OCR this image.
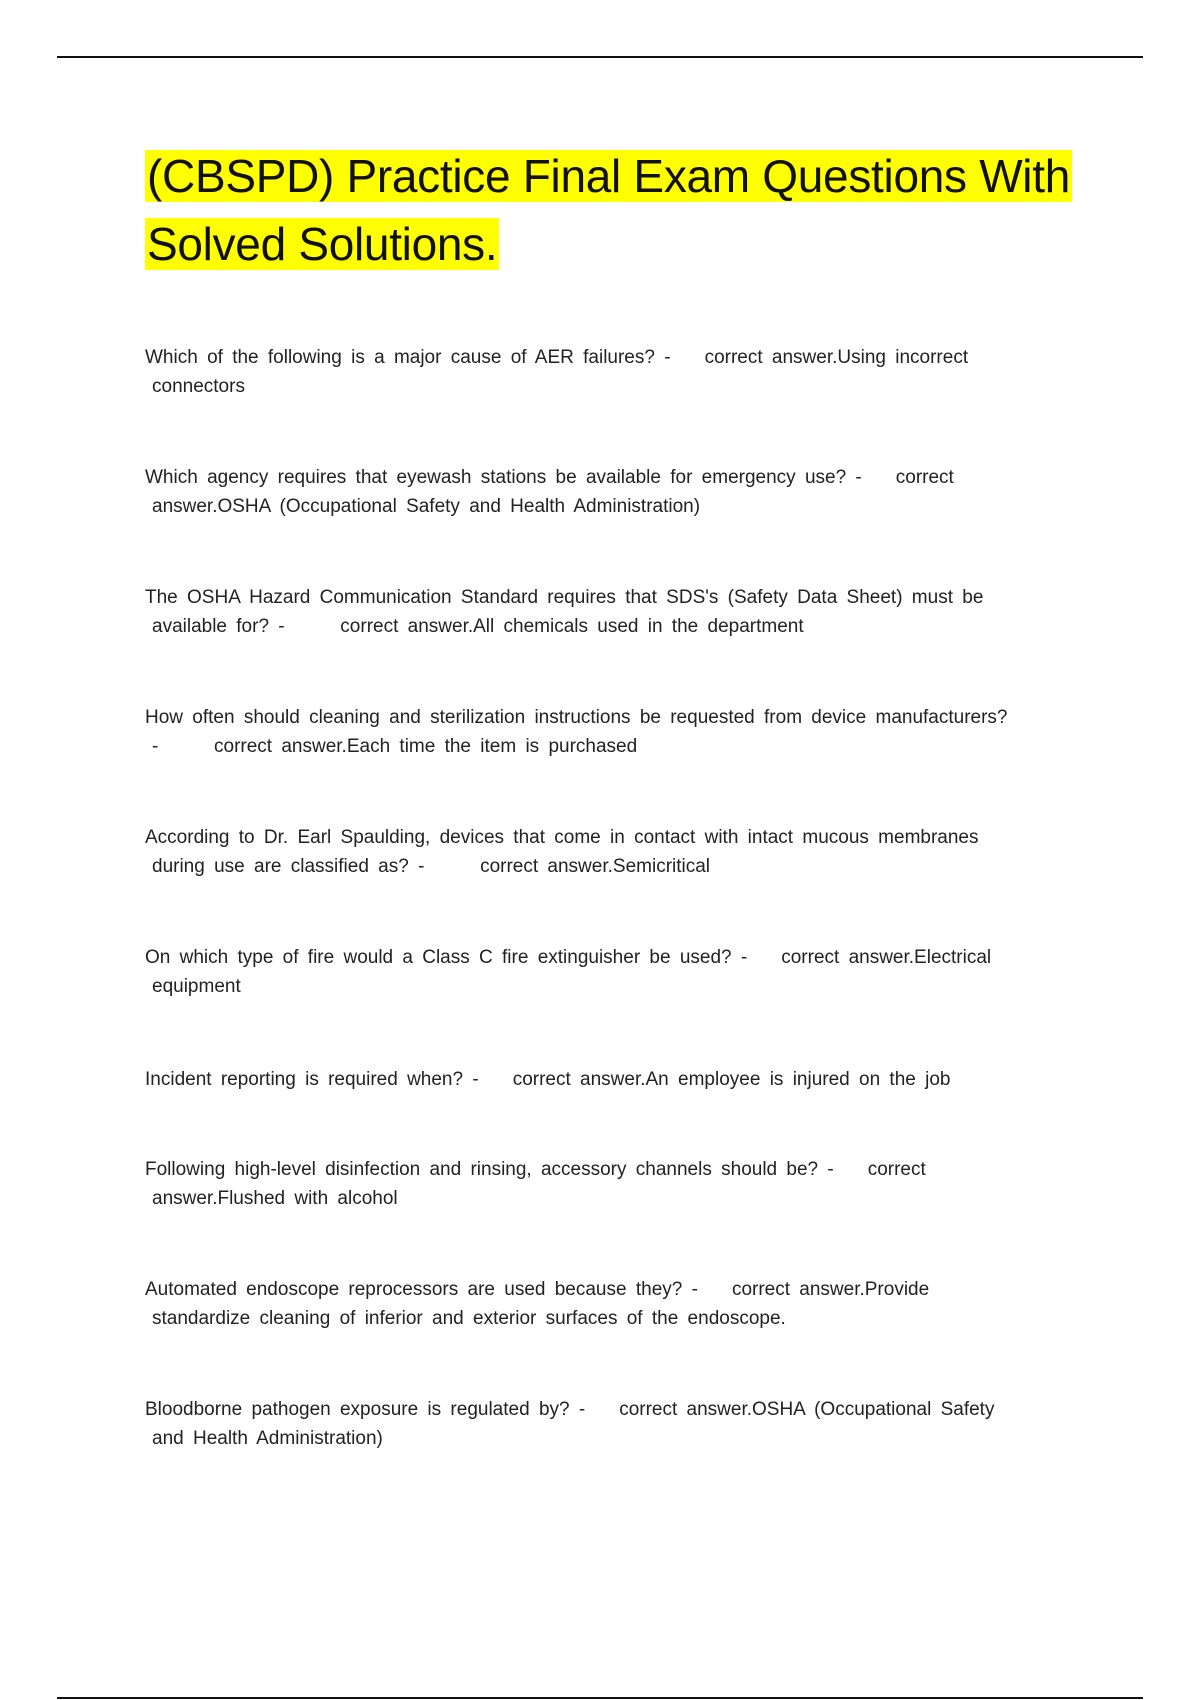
(CBSPD) Practice Final Exam Questions With
Solved Solutions.

Which of the following is a major cause of AER failures? - correct answer.Using incorrect
connectors

Which agency requires that eyewash stations be available for emergency use? - correct
answer.OSHA (Occupational Safety and Health Administration)

The OSHA Hazard Communication Standard requires that SDS's (Safety Data Sheet) must be
available for? -      correct answer.All chemicals used in the department

How often should cleaning and sterilization instructions be requested from device manufacturers?
-      correct answer.Each time the item is purchased

According to Dr. Earl Spaulding, devices that come in contact with intact mucous membranes
during use are classified as? -      correct answer.Semicritical

On which type of fire would a Class C fire extinguisher be used? - correct answer.Electrical
equipment

Incident reporting is required when? - correct answer.An employee is injured on the job

Following high-level disinfection and rinsing, accessory channels should be? - correct
answer.Flushed with alcohol

Automated endoscope reprocessors are used because they? - correct answer.Provide
standardize cleaning of inferior and exterior surfaces of the endoscope.

Bloodborne pathogen exposure is regulated by? - correct answer.OSHA (Occupational Safety
and Health Administration)
